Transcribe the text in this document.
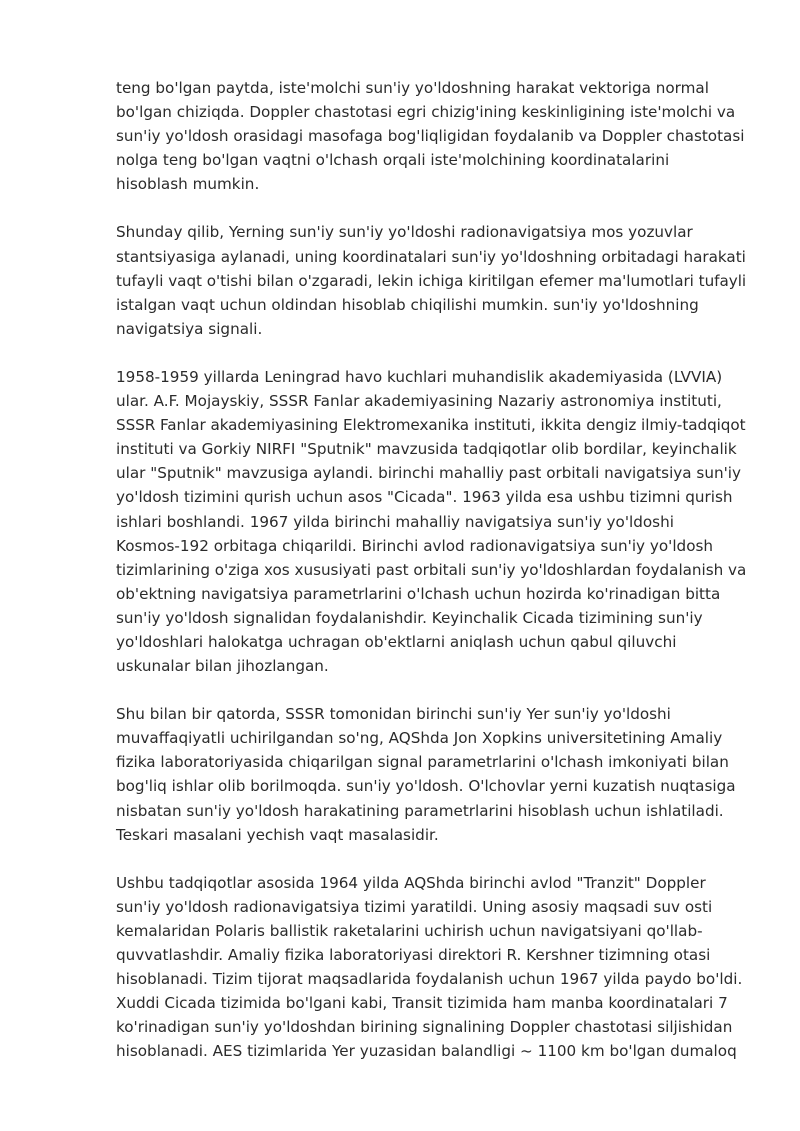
teng bo'lgan paytda, iste'molchi sun'iy yo'ldoshning harakat vektoriga normal
bo'lgan chiziqda. Doppler chastotasi egri chizig'ining keskinligining iste'molchi va
sun'iy yo'ldosh orasidagi masofaga bog'liqligidan foydalanib va Doppler chastotasi
nolga teng bo'lgan vaqtni o'lchash orqali iste'molchining koordinatalarini
hisoblash mumkin.

Shunday qilib, Yerning sun'iy sun'iy yo'ldoshi radionavigatsiya mos yozuvlar
stantsiyasiga aylanadi, uning koordinatalari sun'iy yo'ldoshning orbitadagi harakati
tufayli vaqt o'tishi bilan o'zgaradi, lekin ichiga kiritilgan efemer ma'lumotlari tufayli
istalgan vaqt uchun oldindan hisoblab chiqilishi mumkin. sun'iy yo'ldoshning
navigatsiya signali.

1958-1959 yillarda Leningrad havo kuchlari muhandislik akademiyasida (LVVIA)
ular. A.F. Mojayskiy, SSSR Fanlar akademiyasining Nazariy astronomiya instituti,
SSSR Fanlar akademiyasining Elektromexanika instituti, ikkita dengiz ilmiy-tadqiqot
instituti va Gorkiy NIRFI "Sputnik" mavzusida tadqiqotlar olib bordilar, keyinchalik
ular "Sputnik" mavzusiga aylandi. birinchi mahalliy past orbitali navigatsiya sun'iy
yo'ldosh tizimini qurish uchun asos "Cicada". 1963 yilda esa ushbu tizimni qurish
ishlari boshlandi. 1967 yilda birinchi mahalliy navigatsiya sun'iy yo'ldoshi
Kosmos-192 orbitaga chiqarildi. Birinchi avlod radionavigatsiya sun'iy yo'ldosh
tizimlarining o'ziga xos xususiyati past orbitali sun'iy yo'ldoshlardan foydalanish va
ob'ektning navigatsiya parametrlarini o'lchash uchun hozirda ko'rinadigan bitta
sun'iy yo'ldosh signalidan foydalanishdir. Keyinchalik Cicada tizimining sun'iy
yo'ldoshlari halokatga uchragan ob'ektlarni aniqlash uchun qabul qiluvchi
uskunalar bilan jihozlangan.

Shu bilan bir qatorda, SSSR tomonidan birinchi sun'iy Yer sun'iy yo'ldoshi
muvaffaqiyatli uchirilgandan so'ng, AQShda Jon Xopkins universitetining Amaliy
fizika laboratoriyasida chiqarilgan signal parametrlarini o'lchash imkoniyati bilan
bog'liq ishlar olib borilmoqda. sun'iy yo'ldosh. O'lchovlar yerni kuzatish nuqtasiga
nisbatan sun'iy yo'ldosh harakatining parametrlarini hisoblash uchun ishlatiladi.
Teskari masalani yechish vaqt masalasidir.

Ushbu tadqiqotlar asosida 1964 yilda AQShda birinchi avlod "Tranzit" Doppler
sun'iy yo'ldosh radionavigatsiya tizimi yaratildi. Uning asosiy maqsadi suv osti
kemalaridan Polaris ballistik raketalarini uchirish uchun navigatsiyani qo'llab-
quvvatlashdir. Amaliy fizika laboratoriyasi direktori R. Kershner tizimning otasi
hisoblanadi. Tizim tijorat maqsadlarida foydalanish uchun 1967 yilda paydo bo'ldi.
Xuddi Cicada tizimida bo'lgani kabi, Transit tizimida ham manba koordinatalari 7
ko'rinadigan sun'iy yo'ldoshdan birining signalining Doppler chastotasi siljishidan
hisoblanadi. AES tizimlarida Yer yuzasidan balandligi ~ 1100 km bo'lgan dumaloq
